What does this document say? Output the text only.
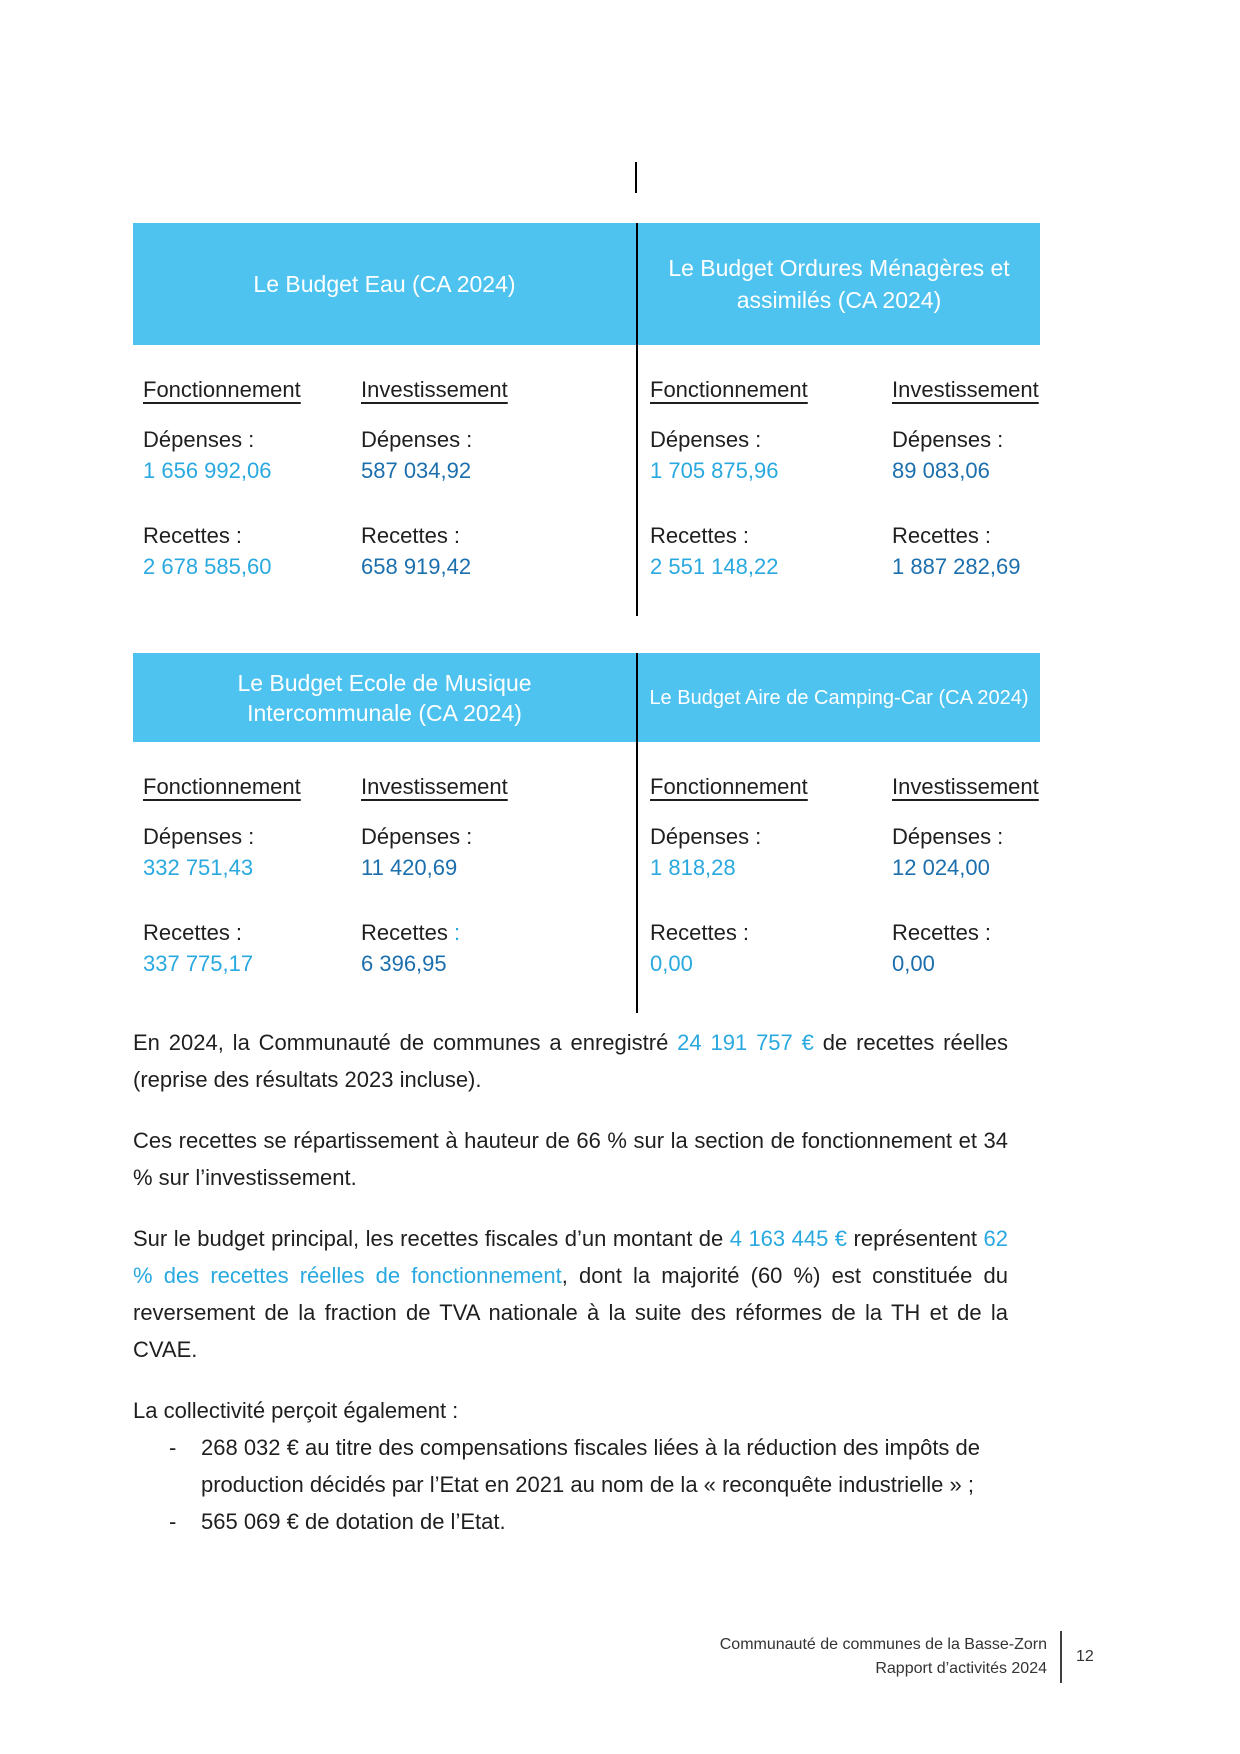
Le Budget Eau (CA 2024)
Le Budget Ordures Ménagères et assimilés (CA 2024)
Fonctionnement
Dépenses :
1 656 992,06
Recettes :
2 678 585,60
Investissement
Dépenses :
587 034,92
Recettes :
658 919,42
Fonctionnement
Dépenses :
1 705 875,96
Recettes :
2 551 148,22
Investissement
Dépenses :
89 083,06
Recettes :
1 887 282,69
Le Budget Ecole de Musique Intercommunale (CA 2024)
Le Budget Aire de Camping-Car (CA 2024)
Fonctionnement
Dépenses :
332 751,43
Recettes :
337 775,17
Investissement
Dépenses :
11 420,69
Recettes :
6 396,95
Fonctionnement
Dépenses :
1 818,28
Recettes :
0,00
Investissement
Dépenses :
12 024,00
Recettes :
0,00

En 2024, la Communauté de communes a enregistré 24 191 757 € de recettes réelles (reprise des résultats 2023 incluse).

Ces recettes se répartissement à hauteur de 66 % sur la section de fonctionnement et 34 % sur l’investissement.

Sur le budget principal, les recettes fiscales d’un montant de 4 163 445 € représentent 62 % des recettes réelles de fonctionnement, dont la majorité (60 %) est constituée du reversement de la fraction de TVA nationale à la suite des réformes de la TH et de la CVAE.

La collectivité perçoit également :

- 268 032 € au titre des compensations fiscales liées à la réduction des impôts de production décidés par l’Etat en 2021 au nom de la « reconquête industrielle » ;
- 565 069 € de dotation de l’Etat.
Communauté de communes de la Basse-Zorn
Rapport d’activités 2024
12
